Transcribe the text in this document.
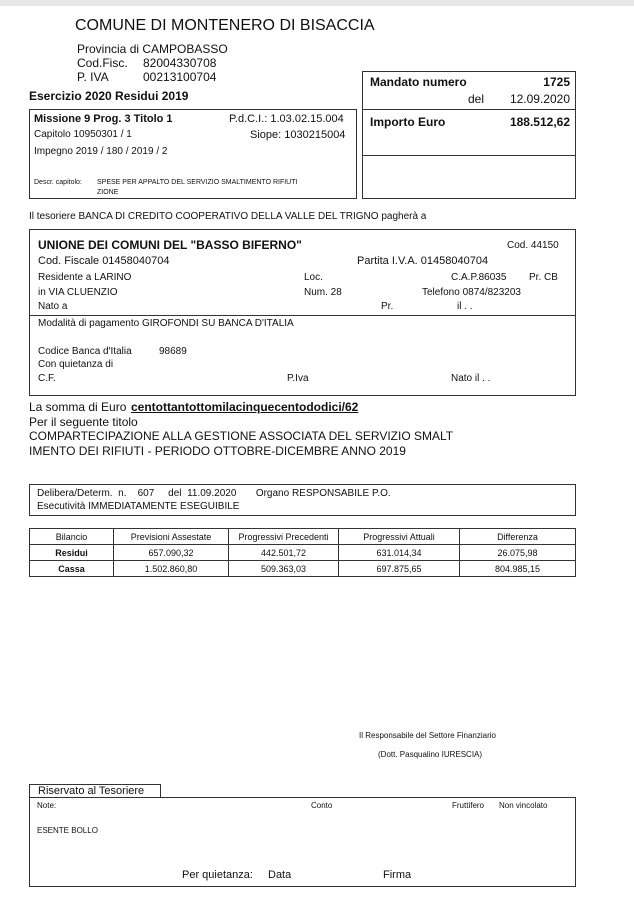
COMUNE DI MONTENERO DI BISACCIA
Provincia di CAMPOBASSO
Cod.Fisc. 82004330708
P. IVA	00213100704
Esercizio 2020 Residui 2019
Mandato numero	1725
del	12.09.2020
Importo Euro	188.512,62
Missione 9 Prog. 3 Titolo 1	P.d.C.I.: 1.03.02.15.004
Capitolo 10950301 / 1	Siope: 1030215004
Impegno 2019 / 180 / 2019 / 2
Descr. capitolo: SPESE PER APPALTO DEL SERVIZIO SMALTIMENTO RIFIUTI
ZIONE
Il tesoriere BANCA DI CREDITO COOPERATIVO DELLA VALLE DEL TRIGNO pagherà a
UNIONE DEI COMUNI DEL "BASSO BIFERNO"	Cod. 44150
Cod. Fiscale 01458040704	Partita I.V.A. 01458040704
Residente a LARINO	Loc.	C.A.P.86035 Pr. CB
in VIA CLUENZIO	Num. 28	Telefono 0874/823203
Nato a	Pr.	il . .
Modalità di pagamento GIROFONDI SU BANCA D'ITALIA
Codice Banca d'Italia	98689
Con quietanza di
C.F.	P.Iva	Nato il . .
La somma di Euro centottantottomilacinquecentododici/62
Per il seguente titolo
COMPARTECIPAZIONE ALLA GESTIONE ASSOCIATA DEL SERVIZIO SMALT
IMENTO DEI RIFIUTI - PERIODO OTTOBRE-DICEMBRE ANNO 2019
Delibera/Determ.  n.    607     del  11.09.2020       Organo RESPONSABILE P.O.
Esecutività IMMEDIATAMENTE ESEGUIBILE
Bilancio	Previsioni Assestate	Progressivi Precedenti	Progressivi Attuali	Differenza
Residui	657.090,32	442.501,72	631.014,34	26.075,98
Cassa	1.502.860,80	509.363,03	697.875,65	804.985,15
Il Responsabile del Settore Finanziario
(Dott. Pasqualino IURESCIA)
Riservato al Tesoriere
Note:	Conto	Fruttifero Non vincolato
ESENTE BOLLO
Per quietanza: Data	Firma
